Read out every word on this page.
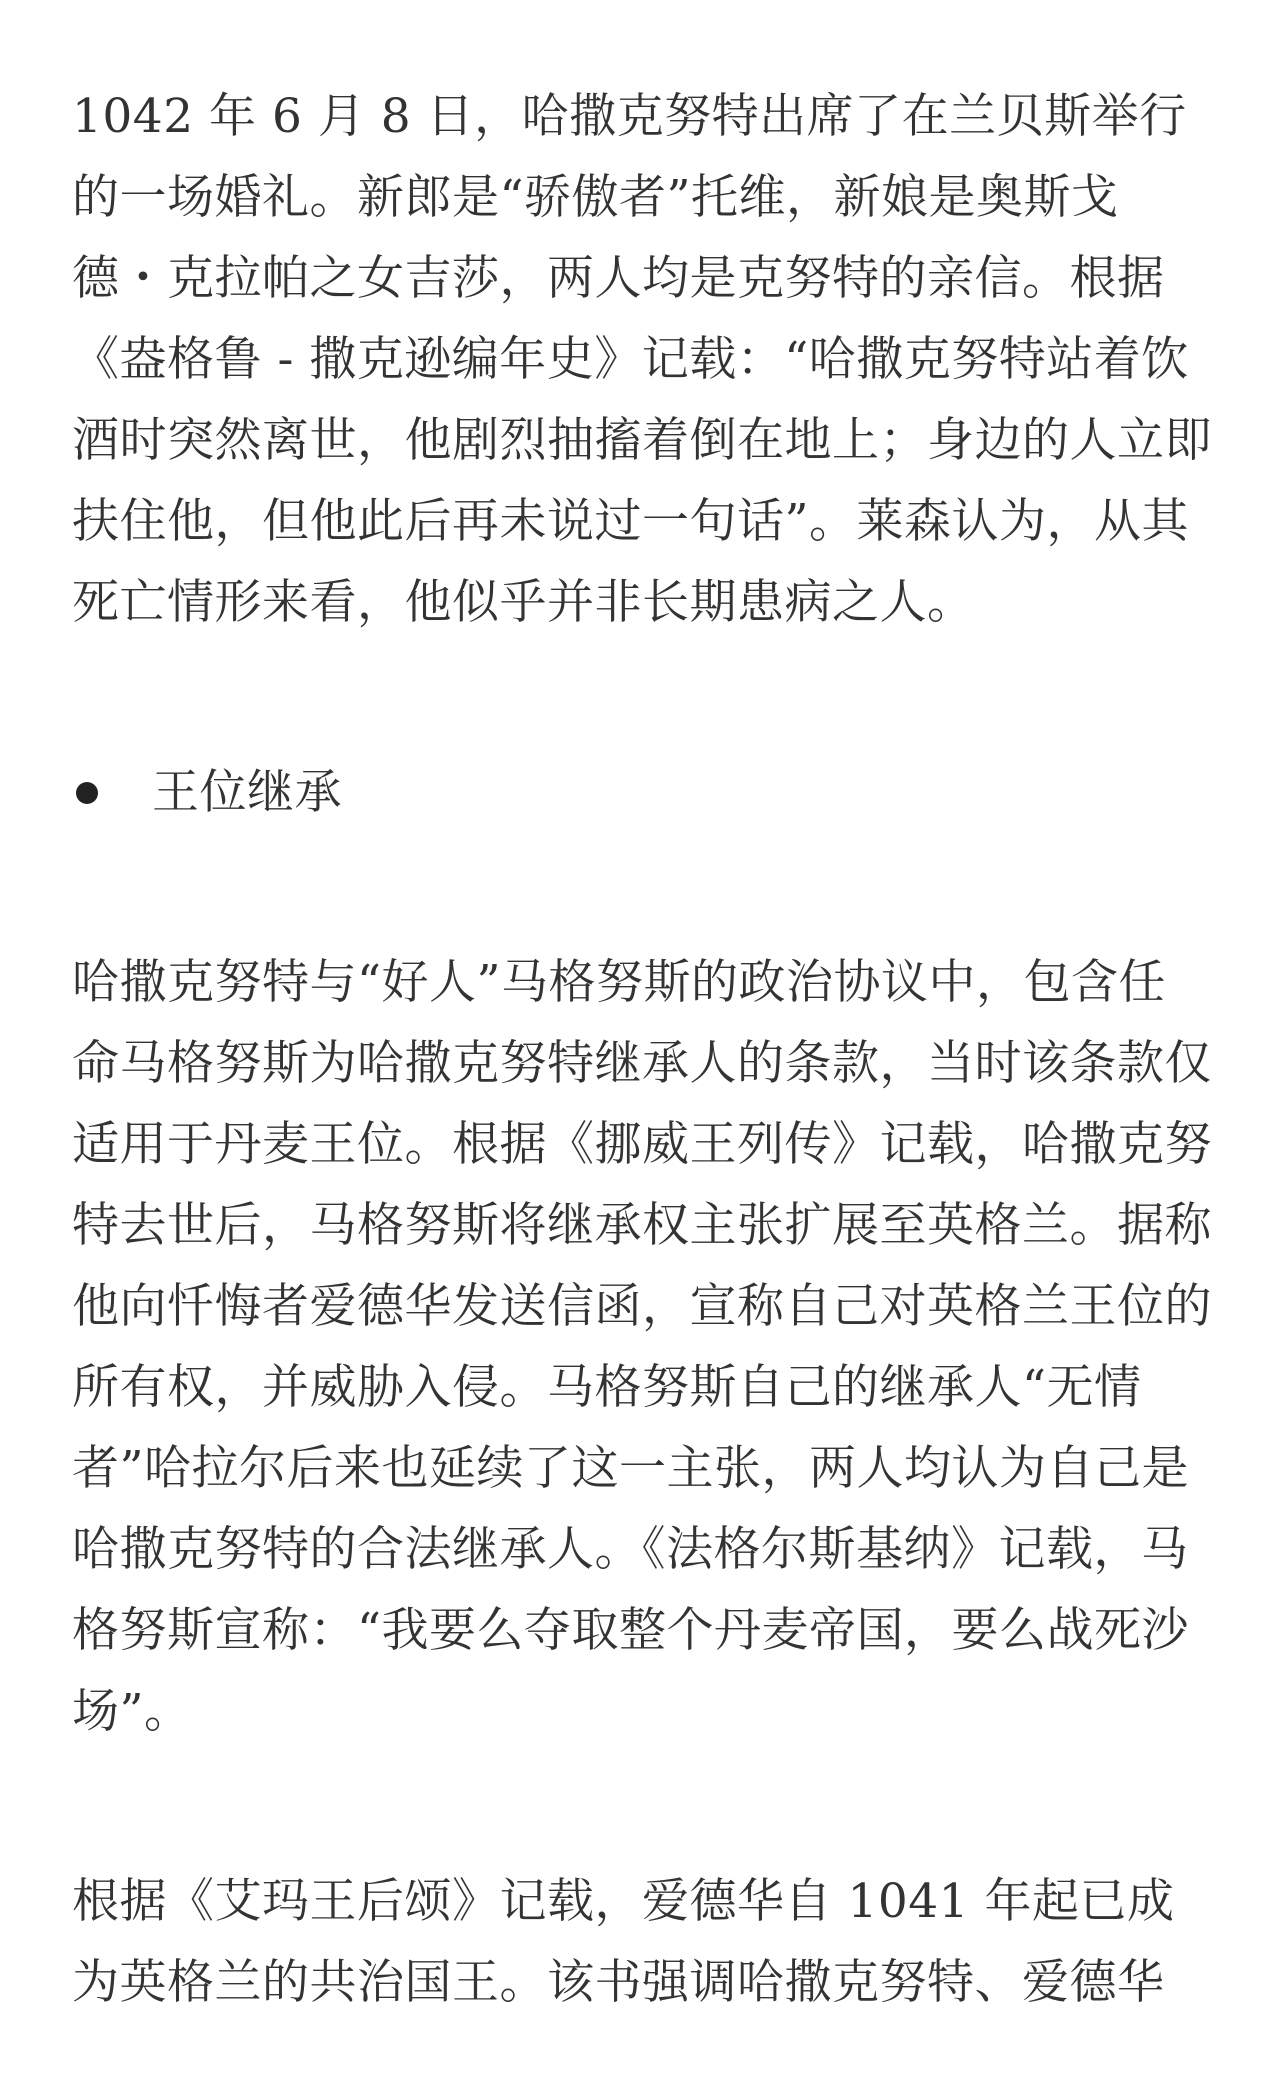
1042 年 6 月 8 日，哈撒克努特出席了在兰贝斯举行的一场婚礼。新郎是“骄傲者”托维，新娘是奥斯戈德・克拉帕之女吉莎，两人均是克努特的亲信。根据《盎格鲁 - 撒克逊编年史》记载：“哈撒克努特站着饮酒时突然离世，他剧烈抽搐着倒在地上；身边的人立即扶住他，但他此后再未说过一句话”。莱森认为，从其死亡情形来看，他似乎并非长期患病之人。

王位继承

哈撒克努特与“好人”马格努斯的政治协议中，包含任命马格努斯为哈撒克努特继承人的条款，当时该条款仅适用于丹麦王位。根据《挪威王列传》记载，哈撒克努特去世后，马格努斯将继承权主张扩展至英格兰。据称他向忏悔者爱德华发送信函，宣称自己对英格兰王位的所有权，并威胁入侵。马格努斯自己的继承人“无情者”哈拉尔后来也延续了这一主张，两人均认为自己是哈撒克努特的合法继承人。《法格尔斯基纳》记载，马格努斯宣称：“我要么夺取整个丹麦帝国，要么战死沙场”。

根据《艾玛王后颂》记载，爱德华自 1041 年起已成为英格兰的共治国王。该书强调哈撒克努特、爱德华
